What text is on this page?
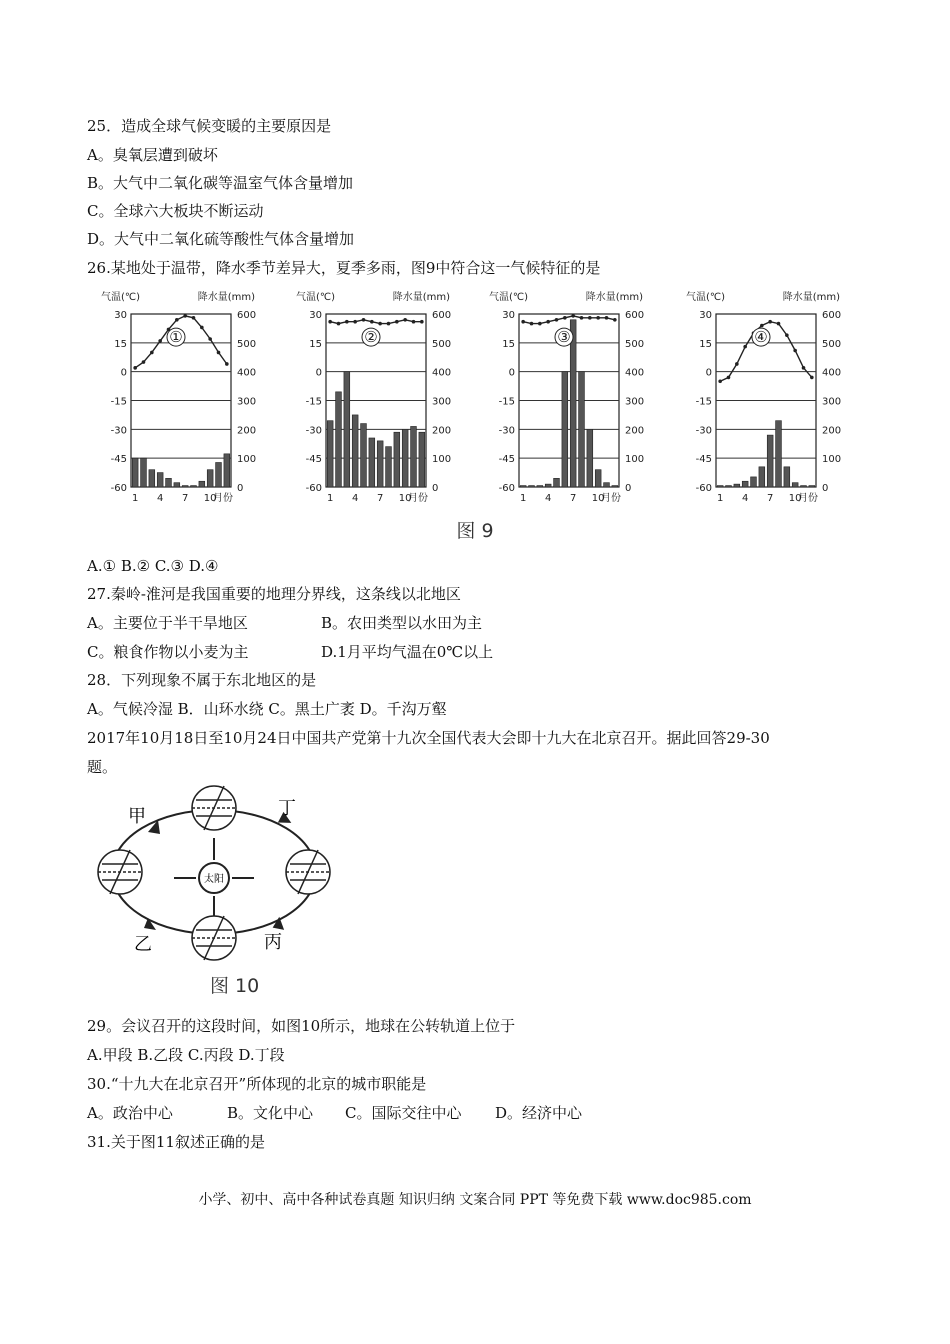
25．造成全球气候变暖的主要原因是
A。臭氧层遭到破坏
B。大气中二氧化碳等温室气体含量增加
C。全球六大板块不断运动
D。大气中二氧化硫等酸性气体含量增加
26.某地处于温带，降水季节差异大，夏季多雨，图9中符合这一气候特征的是
气温(℃)	降水量(mm)
30	600
15	500
0	400
-15	300
-30	200
-45	100
-60	0
①
1 4 7 10
月份
气温(℃)	降水量(mm)
30	600
15	500
0	400
-15	300
-30	200
-45	100
-60	0
②
1 4 7 10
月份
气温(℃)	降水量(mm)
30	600
15	500
0	400
-15	300
-30	200
-45	100
-60	0
③
1 4 7 10
月份
气温(℃)	降水量(mm)
30	600
15	500
0	400
-15	300
-30	200
-45	100
-60	0
④
1 4 7 10
月份
图 9
A.① B.② C.③ D.④
27.秦岭-淮河是我国重要的地理分界线，这条线以北地区
A。主要位于半干旱地区	B。农田类型以水田为主
C。粮食作物以小麦为主	D.1月平均气温在0℃以上
28．下列现象不属于东北地区的是
A。气候冷湿 B．山环水绕 C。黑土广袤 D。千沟万壑
2017年10月18日至10月24日中国共产党第十九次全国代表大会即十九大在北京召开。据此回答29-30
题。
太阳
甲	丁
乙	丙
图 10
29。会议召开的这段时间，如图10所示，地球在公转轨道上位于
A.甲段 B.乙段 C.丙段 D.丁段
30.“十九大在北京召开”所体现的北京的城市职能是
A。政治中心	B。文化中心 C。国际交往中心 D。经济中心
31.关于图11叙述正确的是
小学、初中、高中各种试卷真题 知识归纳 文案合同 PPT 等免费下载 www.doc985.com
